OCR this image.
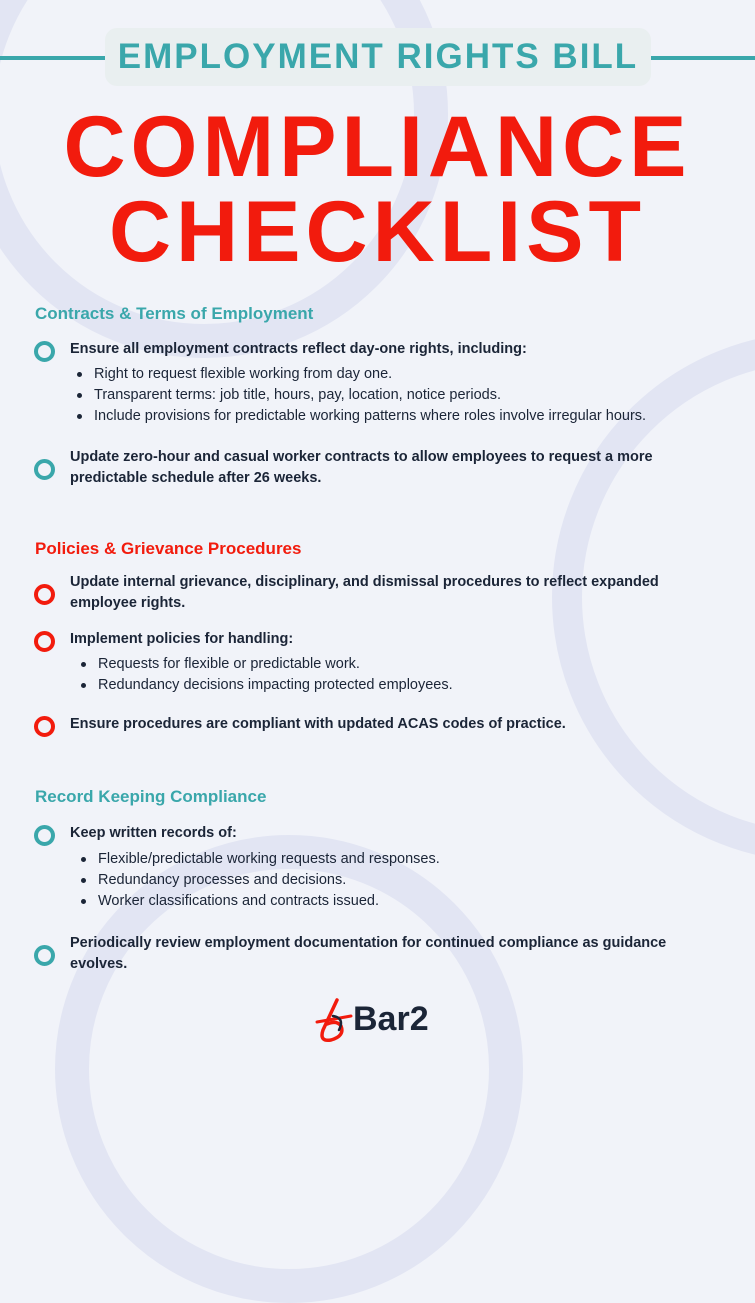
EMPLOYMENT RIGHTS BILL
COMPLIANCE
CHECKLIST
Contracts & Terms of Employment
Ensure all employment contracts reflect day-one rights, including:
Right to request flexible working from day one.
Transparent terms: job title, hours, pay, location, notice periods.
Include provisions for predictable working patterns where roles involve irregular hours.
Update zero-hour and casual worker contracts to allow employees to request a more predictable schedule after 26 weeks.
Policies & Grievance Procedures
Update internal grievance, disciplinary, and dismissal procedures to reflect expanded employee rights.
Implement policies for handling:
Requests for flexible or predictable work.
Redundancy decisions impacting protected employees.
Ensure procedures are compliant with updated ACAS codes of practice.
Record Keeping Compliance
Keep written records of:
Flexible/predictable working requests and responses.
Redundancy processes and decisions.
Worker classifications and contracts issued.
Periodically review employment documentation for continued compliance as guidance evolves.
Bar2
